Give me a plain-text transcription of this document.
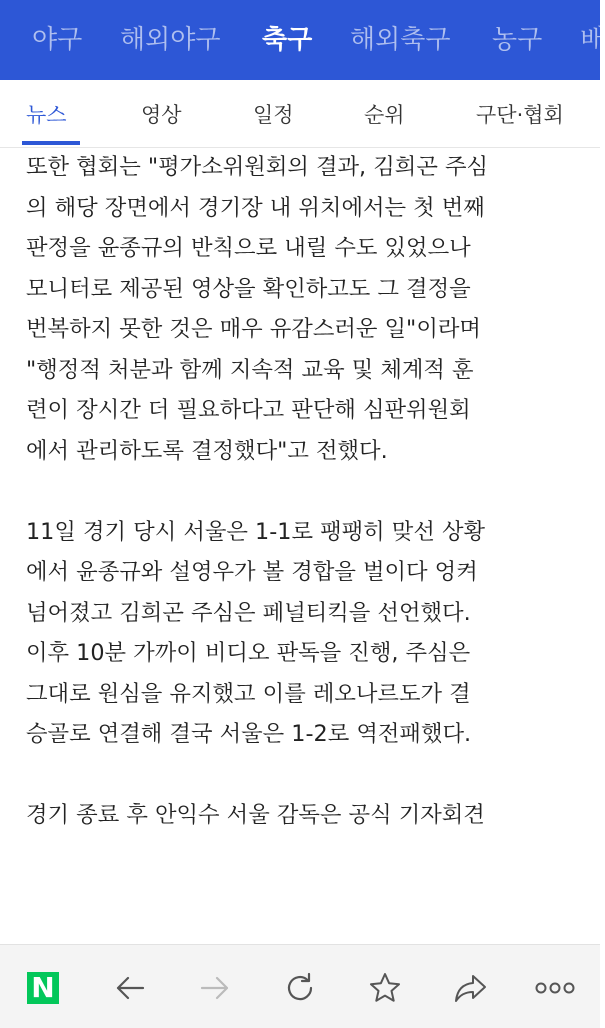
야구 해외야구 축구 해외축구 농구 배
뉴스	영상	일정	순위	구단·협회

또한 협회는 "평가소위원회의 결과, 김희곤 주심

의 해당 장면에서 경기장 내 위치에서는 첫 번째

판정을 윤종규의 반칙으로 내릴 수도 있었으나

모니터로 제공된 영상을 확인하고도 그 결정을

번복하지 못한 것은 매우 유감스러운 일"이라며

"행정적 처분과 함께 지속적 교육 및 체계적 훈

련이 장시간 더 필요하다고 판단해 심판위원회

에서 관리하도록 결정했다"고 전했다.

11일 경기 당시 서울은 1-1로 팽팽히 맞선 상황

에서 윤종규와 설영우가 볼 경합을 벌이다 엉켜

넘어졌고 김희곤 주심은 페널티킥을 선언했다.

이후 10분 가까이 비디오 판독을 진행, 주심은

그대로 원심을 유지했고 이를 레오나르도가 결

승골로 연결해 결국 서울은 1-2로 역전패했다.

경기 종료 후 안익수 서울 감독은 공식 기자회견

N
